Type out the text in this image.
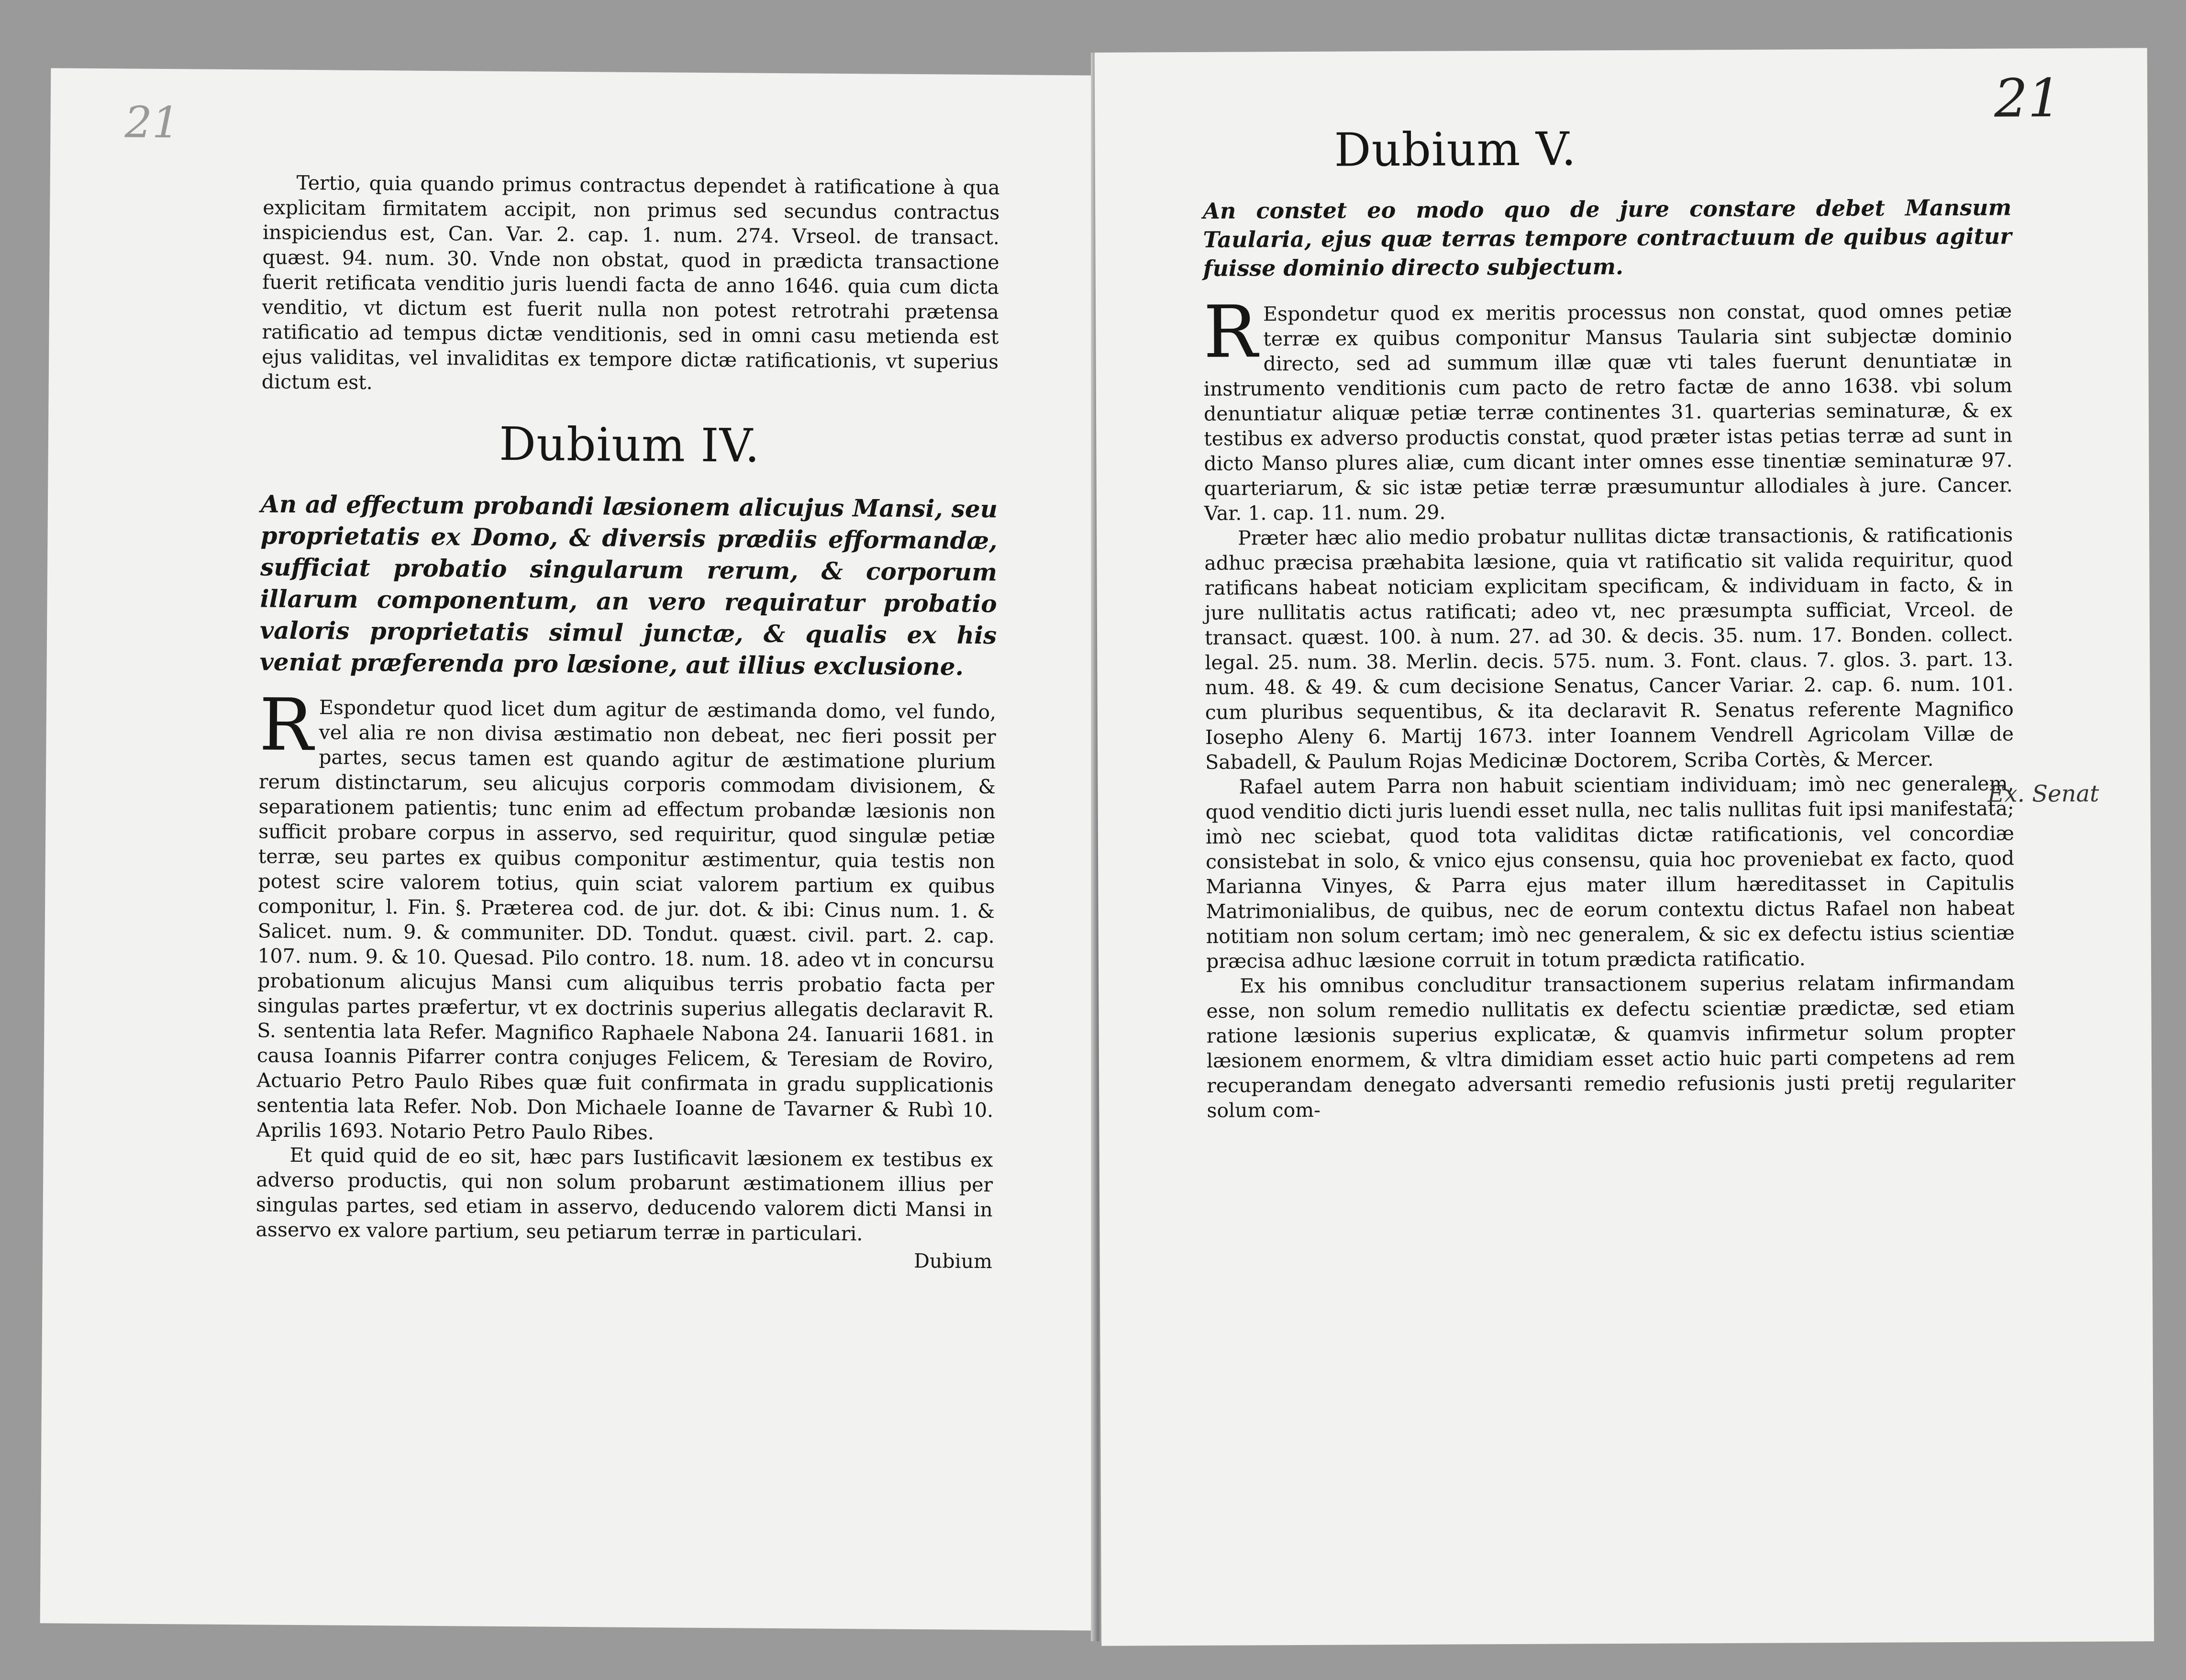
21

Tertio, quia quando primus contractus dependet à ratificatione à qua explicitam firmitatem accipit, non primus sed secundus contractus inspiciendus est, Can. Var. 2. cap. 1. num. 274. Vrseol. de transact. quæst. 94. num. 30. Vnde non obstat, quod in prædicta transactione fuerit retificata venditio juris luendi facta de anno 1646. quia cum dicta venditio, vt dictum est fuerit nulla non potest retrotrahi prætensa ratificatio ad tempus dictæ venditionis, sed in omni casu metienda est ejus validitas, vel invaliditas ex tempore dictæ ratificationis, vt superius dictum est.

Dubium IV.
An ad effectum probandi læsionem alicujus Mansi, seu proprietatis ex Domo, & diversis prædiis efformandæ, sufficiat probatio singularum rerum, & corporum illarum componentum, an vero requiratur probatio valoris proprietatis simul junctæ, & qualis ex his veniat præferenda pro læsione, aut illius exclusione.

R Espondetur quod licet dum agitur de æstimanda domo, vel fundo, vel alia re non divisa æstimatio non debeat, nec fieri possit per partes, secus tamen est quando agitur de æstimatione plurium rerum distinctarum, seu alicujus corporis commodam divisionem, & separationem patientis; tunc enim ad effectum probandæ læsionis non sufficit probare corpus in asservo, sed requiritur, quod singulæ petiæ terræ, seu partes ex quibus componitur æstimentur, quia testis non potest scire valorem totius, quin sciat valorem partium ex quibus componitur, l. Fin. §. Præterea cod. de jur. dot. & ibi: Cinus num. 1. & Salicet. num. 9. & communiter. DD. Tondut. quæst. civil. part. 2. cap. 107. num. 9. & 10. Quesad. Pilo contro. 18. num. 18. adeo vt in concursu probationum alicujus Mansi cum aliquibus terris probatio facta per singulas partes præfertur, vt ex doctrinis superius allegatis declaravit R. S. sententia lata Refer. Magnifico Raphaele Nabona 24. Ianuarii 1681. in causa Ioannis Pifarrer contra conjuges Felicem, & Teresiam de Roviro, Actuario Petro Paulo Ribes quæ fuit confirmata in gradu supplicationis sententia lata Refer. Nob. Don Michaele Ioanne de Tavarner & Rubì 10. Aprilis 1693. Notario Petro Paulo Ribes.

Et quid quid de eo sit, hæc pars Iustificavit læsionem ex testibus ex adverso productis, qui non solum probarunt æstimationem illius per singulas partes, sed etiam in asservo, deducendo valorem dicti Mansi in asservo ex valore partium, seu petiarum terræ in particulari.

Dubium
21
Dubium V.
An constet eo modo quo de jure constare debet Mansum Taularia, ejus quæ terras tempore contractuum de quibus agitur fuisse dominio directo subjectum.

R Espondetur quod ex meritis processus non constat, quod omnes petiæ terræ ex quibus componitur Mansus Taularia sint subjectæ dominio directo, sed ad summum illæ quæ vti tales fuerunt denuntiatæ in instrumento venditionis cum pacto de retro factæ de anno 1638. vbi solum denuntiatur aliquæ petiæ terræ continentes 31. quarterias seminaturæ, & ex testibus ex adverso productis constat, quod præter istas petias terræ ad sunt in dicto Manso plures aliæ, cum dicant inter omnes esse tinentiæ seminaturæ 97. quarteriarum, & sic istæ petiæ terræ præsumuntur allodiales à jure. Cancer. Var. 1. cap. 11. num. 29.

Præter hæc alio medio probatur nullitas dictæ transactionis, & ratificationis adhuc præcisa præhabita læsione, quia vt ratificatio sit valida requiritur, quod ratificans habeat noticiam explicitam specificam, & individuam in facto, & in jure nullitatis actus ratificati; adeo vt, nec præsumpta sufficiat, Vrceol. de transact. quæst. 100. à num. 27. ad 30. & decis. 35. num. 17. Bonden. collect. legal. 25. num. 38. Merlin. decis. 575. num. 3. Font. claus. 7. glos. 3. part. 13. num. 48. & 49. & cum decisione Senatus, Cancer Variar. 2. cap. 6. num. 101. cum pluribus sequentibus, & ita declaravit R. Senatus referente Magnifico Iosepho Aleny 6. Martij 1673. inter Ioannem Vendrell Agricolam Villæ de Sabadell, & Paulum Rojas Medicinæ Doctorem, Scriba Cortès, & Mercer.

Rafael autem Parra non habuit scientiam individuam; imò nec generalem, quod venditio dicti juris luendi esset nulla, nec talis nullitas fuit ipsi manifestata; imò nec sciebat, quod tota validitas dictæ ratificationis, vel concordiæ consistebat in solo, & vnico ejus consensu, quia hoc proveniebat ex facto, quod Marianna Vinyes, & Parra ejus mater illum hæreditasset in Capitulis Matrimonialibus, de quibus, nec de eorum contextu dictus Rafael non habeat notitiam non solum certam; imò nec generalem, & sic ex defectu istius scientiæ præcisa adhuc læsione corruit in totum prædicta ratificatio.

Ex his omnibus concluditur transactionem superius relatam infirmandam esse, non solum remedio nullitatis ex defectu scientiæ prædictæ, sed etiam ratione læsionis superius explicatæ, & quamvis infirmetur solum propter læsionem enormem, & vltra dimidiam esset actio huic parti competens ad rem recuperandam denegato adversanti remedio refusionis justi pretij regulariter solum com-

Ex. Senat
